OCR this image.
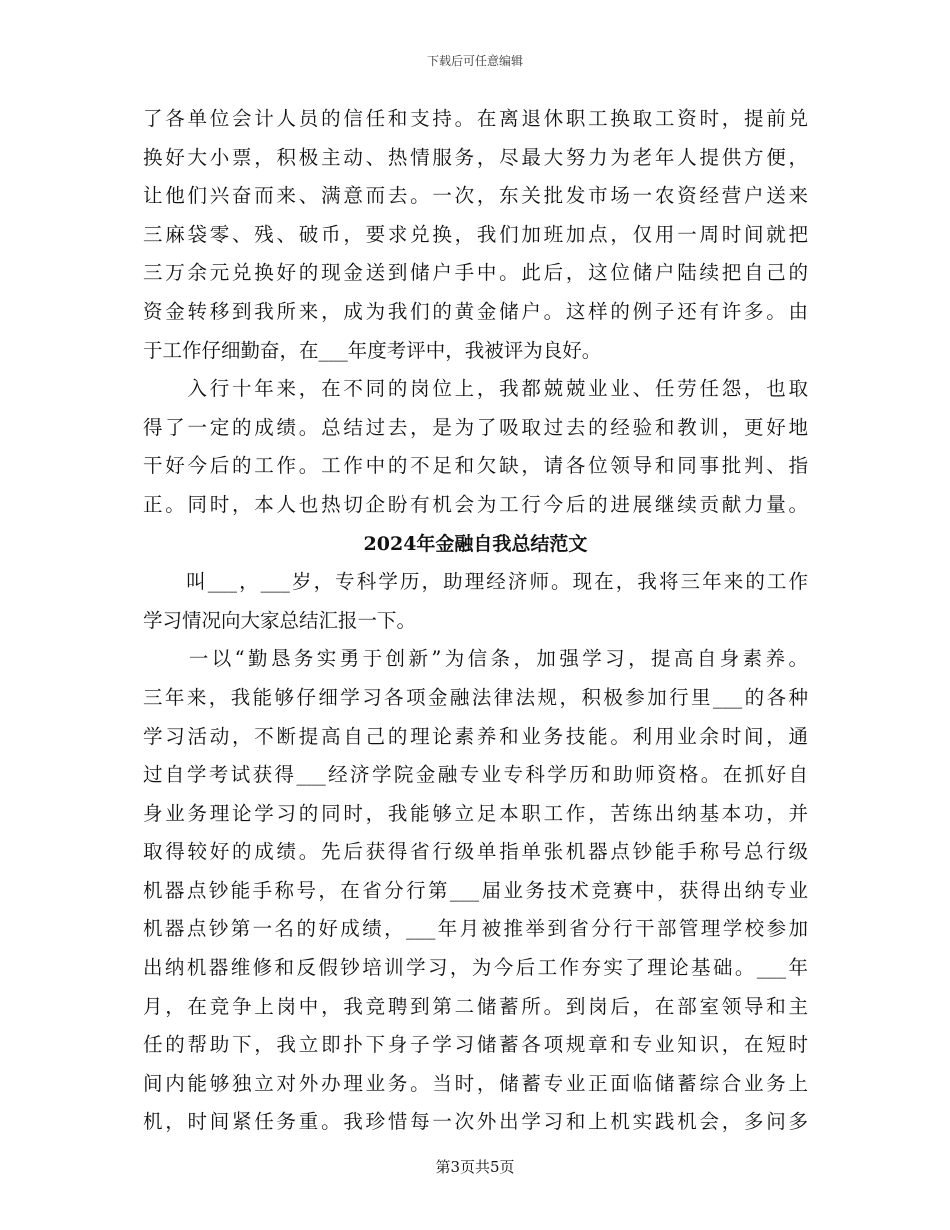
下载后可任意编辑
了各单位会计人员的信任和支持。在离退休职工换取工资时，提前兑
换好大小票，积极主动、热情服务，尽最大努力为老年人提供方便，
让他们兴奋而来、满意而去。一次，东关批发市场一农资经营户送来
三麻袋零、残、破币，要求兑换，我们加班加点，仅用一周时间就把
三万余元兑换好的现金送到储户手中。此后，这位储户陆续把自己的
资金转移到我所来，成为我们的黄金储户。这样的例子还有许多。由
于工作仔细勤奋，在___年度考评中，我被评为良好。
　　入行十年来，在不同的岗位上，我都兢兢业业、任劳任怨，也取
得了一定的成绩。总结过去，是为了吸取过去的经验和教训，更好地
干好今后的工作。工作中的不足和欠缺，请各位领导和同事批判、指
正。同时，本人也热切企盼有机会为工行今后的进展继续贡献力量。
2024年金融自我总结范文
　　叫___，___岁，专科学历，助理经济师。现在，我将三年来的工作
学习情况向大家总结汇报一下。
　　一以“勤恳务实勇于创新”为信条，加强学习，提高自身素养。
三年来，我能够仔细学习各项金融法律法规，积极参加行里___的各种
学习活动，不断提高自己的理论素养和业务技能。利用业余时间，通
过自学考试获得___经济学院金融专业专科学历和助师资格。在抓好自
身业务理论学习的同时，我能够立足本职工作，苦练出纳基本功，并
取得较好的成绩。先后获得省行级单指单张机器点钞能手称号总行级
机器点钞能手称号，在省分行第___届业务技术竞赛中，获得出纳专业
机器点钞第一名的好成绩，___年月被推举到省分行干部管理学校参加
出纳机器维修和反假钞培训学习，为今后工作夯实了理论基础。___年
月，在竞争上岗中，我竞聘到第二储蓄所。到岗后，在部室领导和主
任的帮助下，我立即扑下身子学习储蓄各项规章和专业知识，在短时
间内能够独立对外办理业务。当时，储蓄专业正面临储蓄综合业务上
机，时间紧任务重。我珍惜每一次外出学习和上机实践机会，多问多
第3页共5页
